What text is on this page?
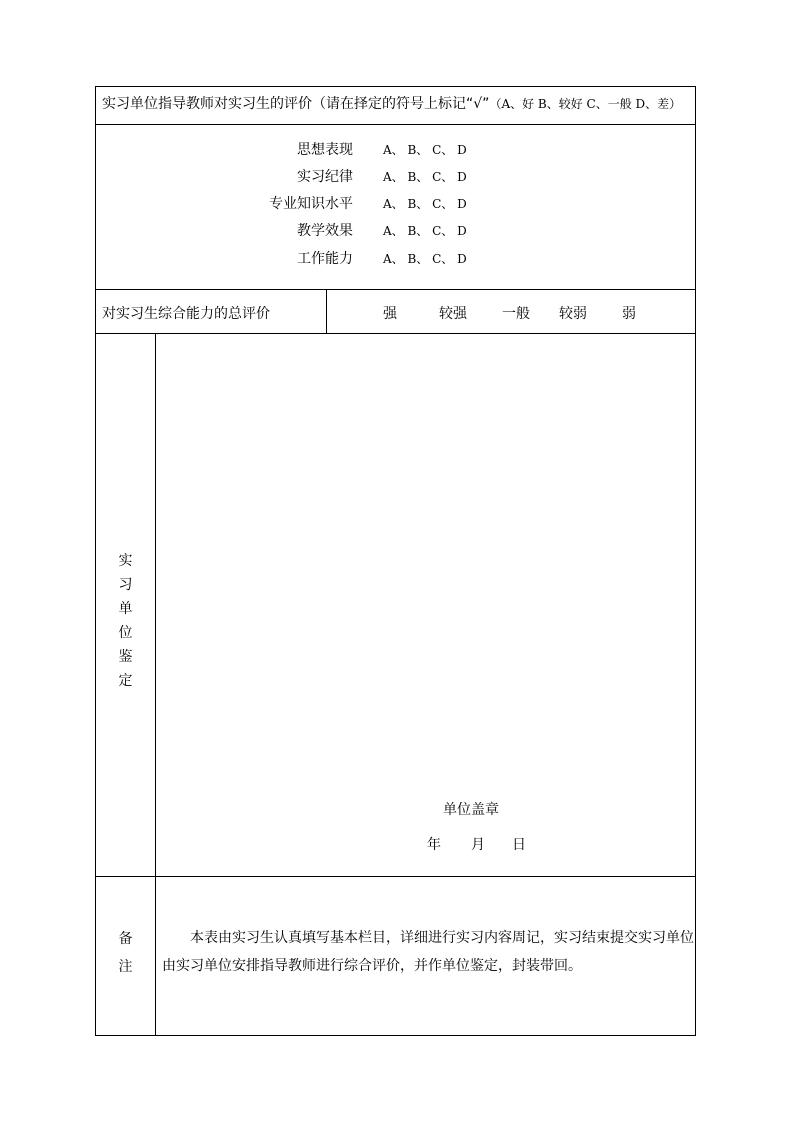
实习单位指导教师对实习生的评价（请在择定的符号上标记“√”（A、好 B、较好 C、一般 D、差）
思想表现	A、 B、 C、 D
实习纪律	A、 B、 C、 D
专业知识水平	A、 B、 C、 D
教学效果	A、 B、 C、 D
工作能力	A、 B、 C、 D
对实习生综合能力的总评价	强	较强	一般 较弱	弱
实
习
单
位
鉴
定
单位盖章
年 月 日
备
注
本表由实习生认真填写基本栏目，详细进行实习内容周记，实习结束提交实习单位由实习单位安排指导教师进行综合评价，并作单位鉴定，封装带回。
